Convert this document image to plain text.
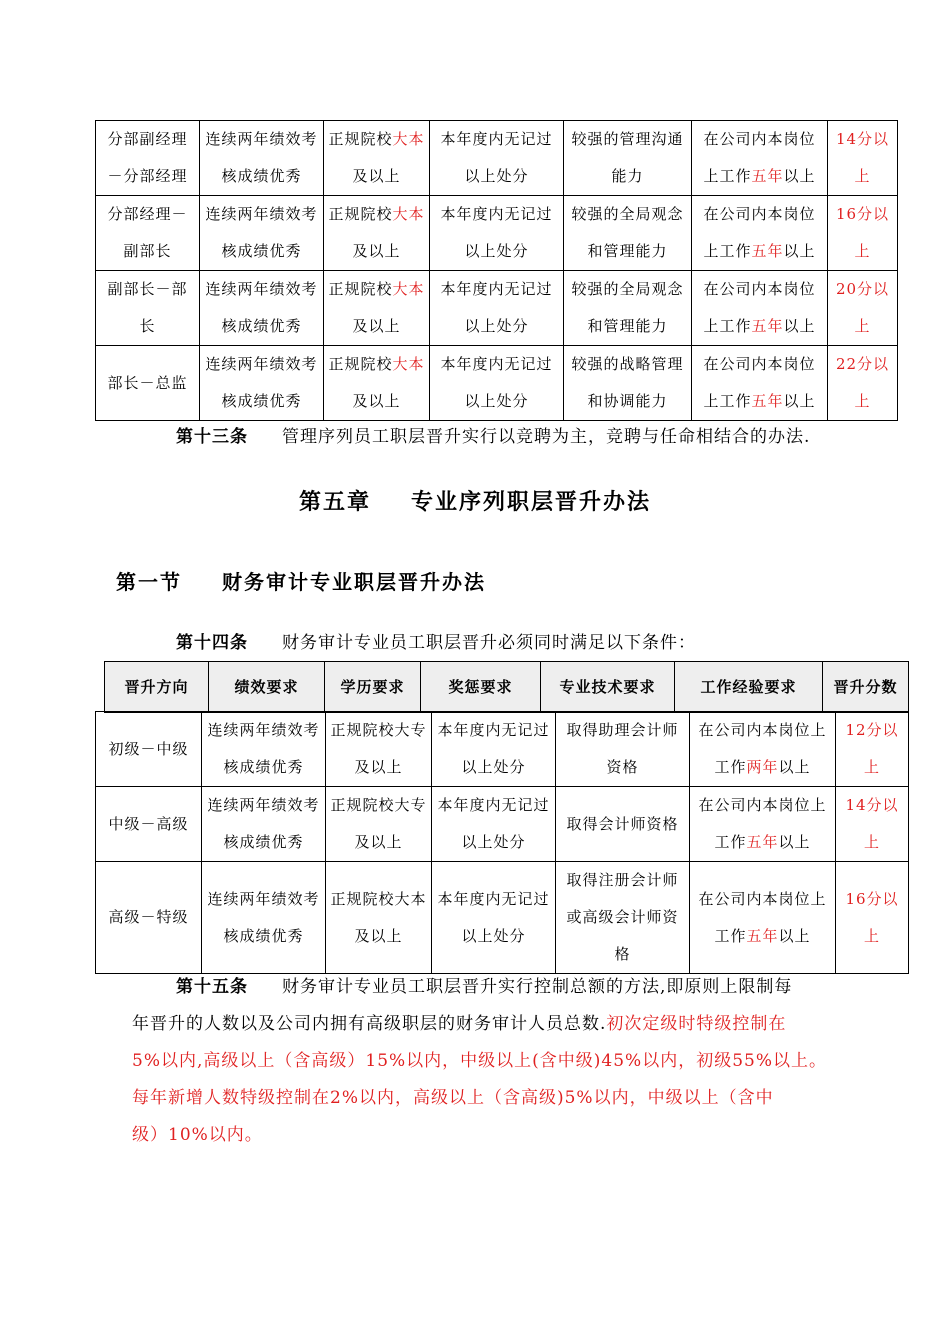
分部副经理－分部经理	连续两年绩效考核成绩优秀	正规院校大本及以上	本年度内无记过以上处分	较强的管理沟通能力	在公司内本岗位上工作五年以上	14分以上
分部经理－副部长	连续两年绩效考核成绩优秀	正规院校大本及以上	本年度内无记过以上处分	较强的全局观念和管理能力	在公司内本岗位上工作五年以上	16分以上
副部长－部长	连续两年绩效考核成绩优秀	正规院校大本及以上	本年度内无记过以上处分	较强的全局观念和管理能力	在公司内本岗位上工作五年以上	20分以上
部长－总监	连续两年绩效考核成绩优秀	正规院校大本及以上	本年度内无记过以上处分	较强的战略管理和协调能力	在公司内本岗位上工作五年以上	22分以上
第十三条 管理序列员工职层晋升实行以竞聘为主，竞聘与任命相结合的办法.
第五章 专业序列职层晋升办法
第一节 财务审计专业职层晋升办法
第十四条 财务审计专业员工职层晋升必须同时满足以下条件：
晋升方向	绩效要求	学历要求	奖惩要求	专业技术要求	工作经验要求	晋升分数
初级－中级	连续两年绩效考核成绩优秀	正规院校大专及以上	本年度内无记过以上处分	取得助理会计师资格	在公司内本岗位上工作两年以上	12分以上
中级－高级	连续两年绩效考核成绩优秀	正规院校大专及以上	本年度内无记过以上处分	取得会计师资格	在公司内本岗位上工作五年以上	14分以上
高级－特级	连续两年绩效考核成绩优秀	正规院校大本及以上	本年度内无记过以上处分	取得注册会计师或高级会计师资格	在公司内本岗位上工作五年以上	16分以上
第十五条 财务审计专业员工职层晋升实行控制总额的方法,即原则上限制每
年晋升的人数以及公司内拥有高级职层的财务审计人员总数.初次定级时特级控制在
5%以内,高级以上（含高级）15%以内，中级以上(含中级)45%以内，初级55%以上。
每年新增人数特级控制在2%以内，高级以上（含高级)5%以内，中级以上（含中
级）10%以内。
